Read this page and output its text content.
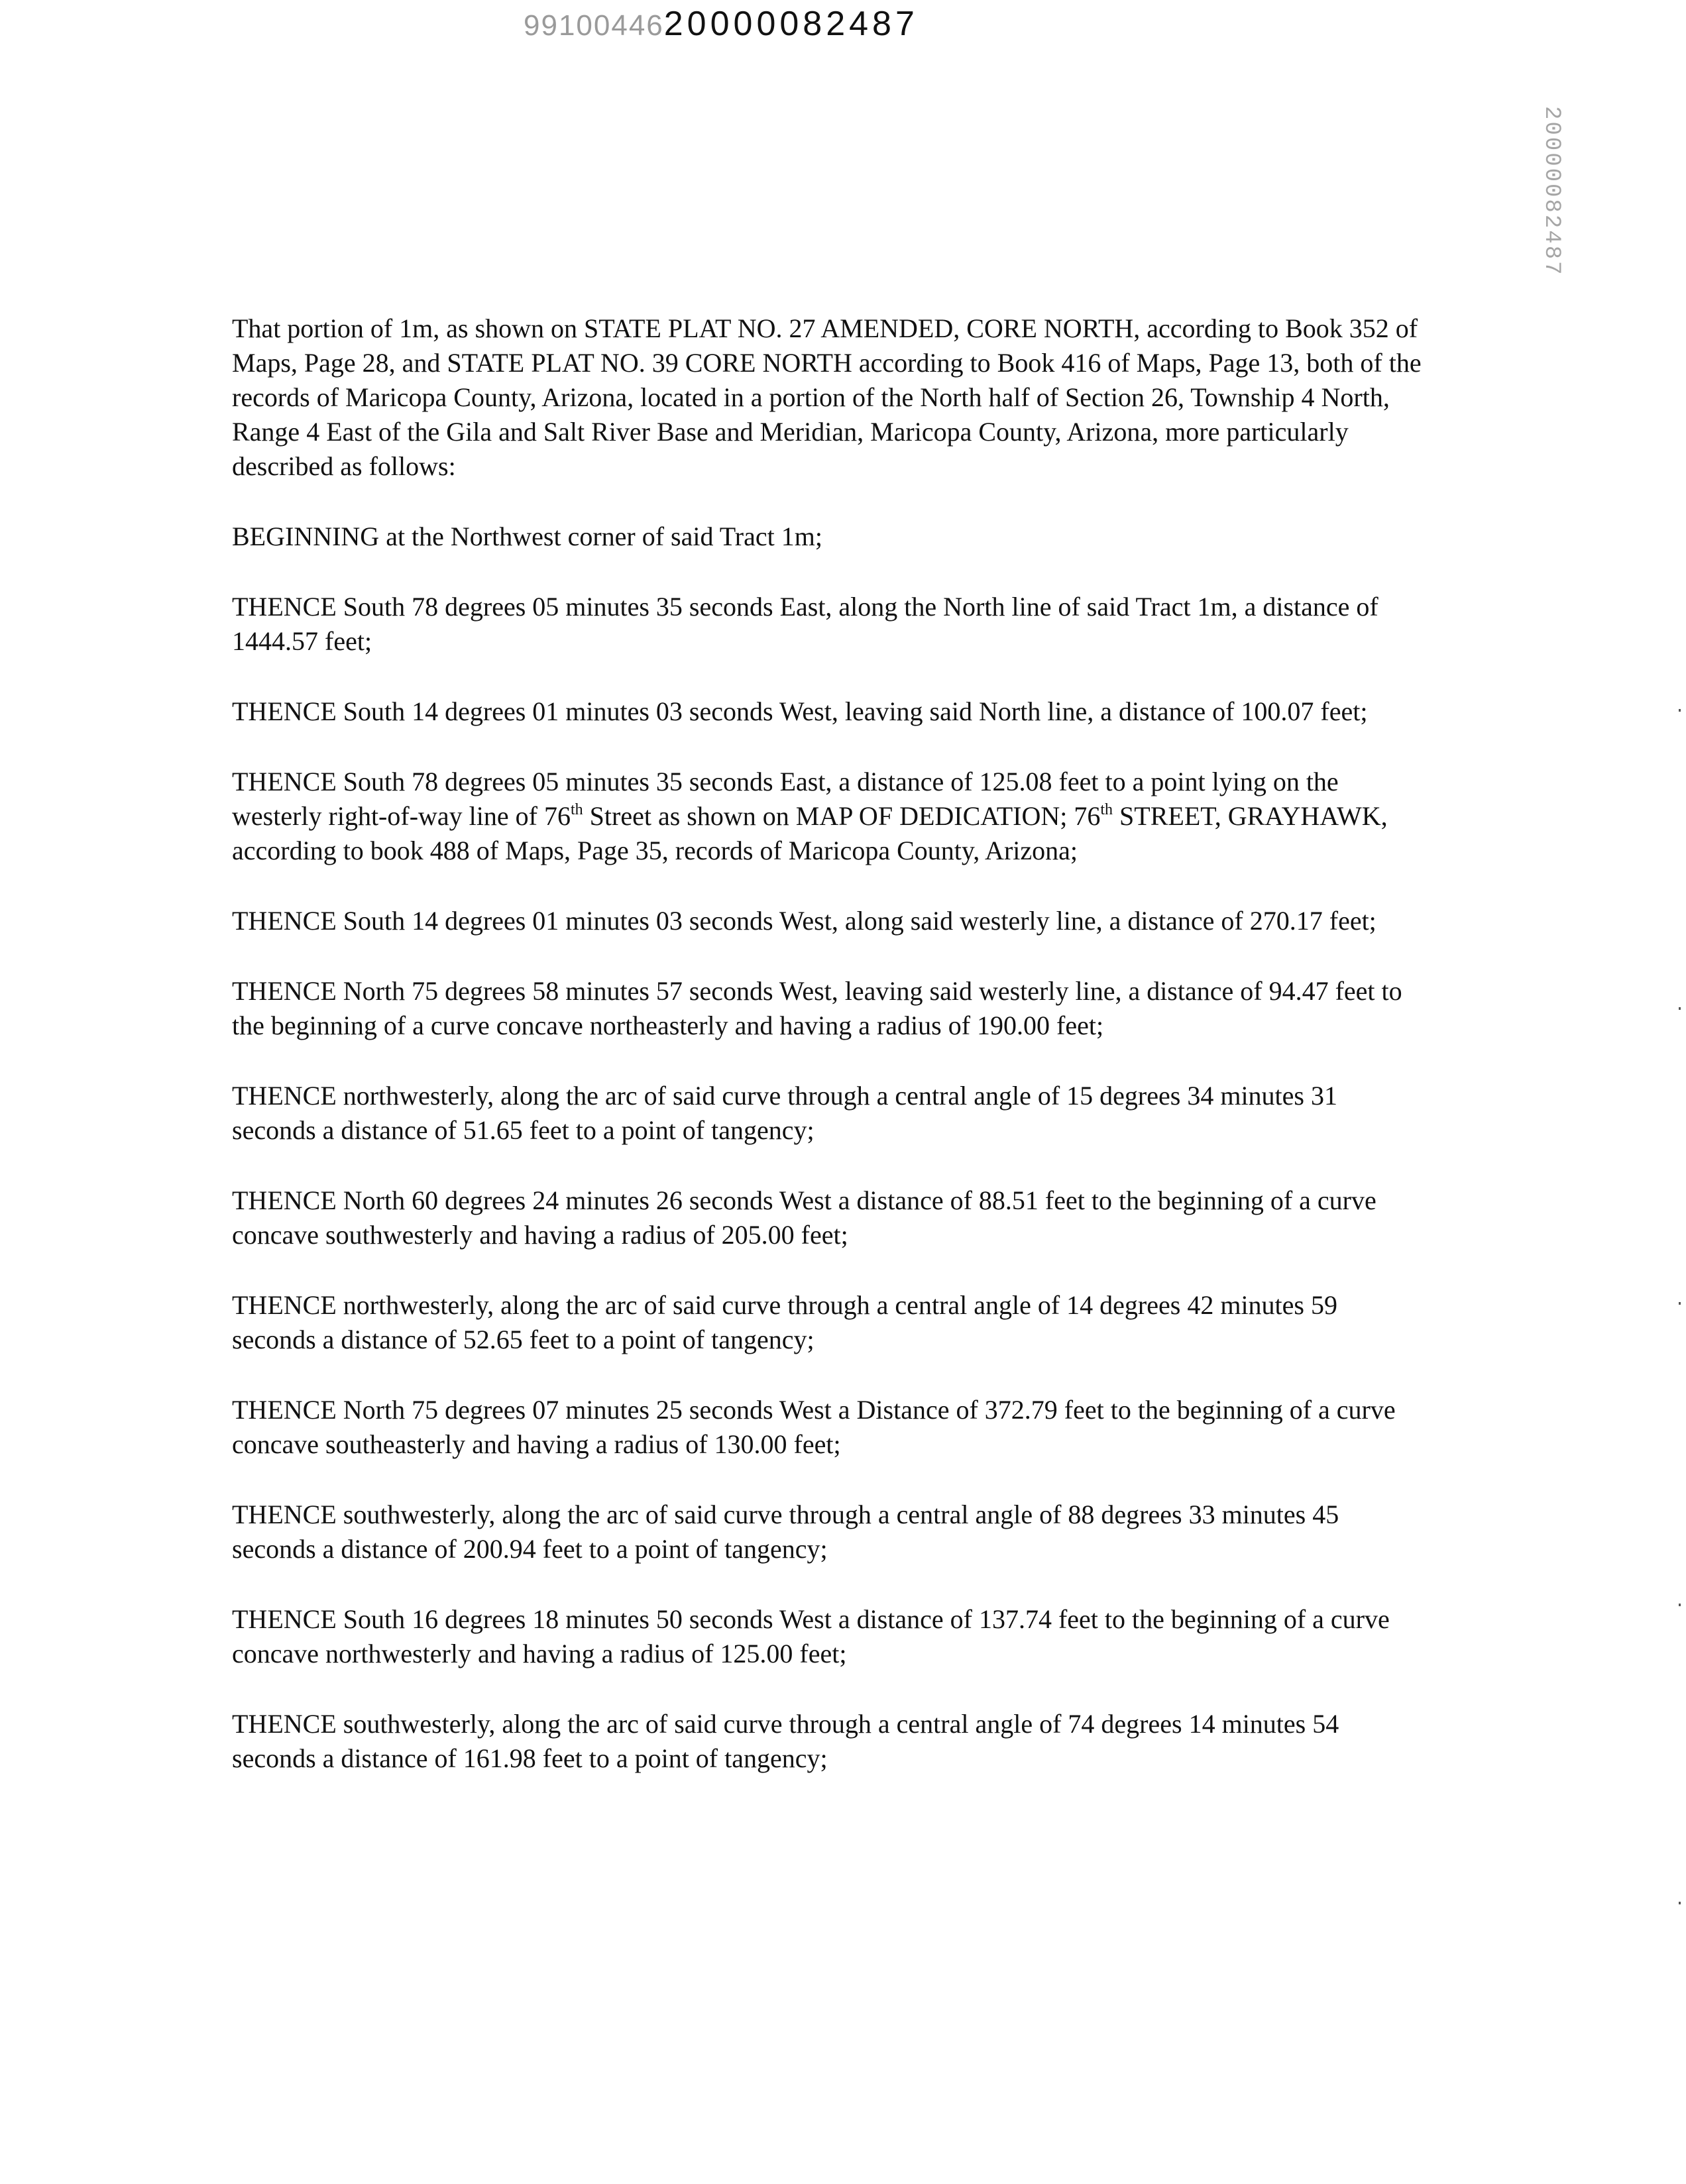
9910044620000082487
20000082487

That portion of 1m, as shown on STATE PLAT NO. 27 AMENDED, CORE NORTH, according to Book 352 of Maps, Page 28, and STATE PLAT NO. 39 CORE NORTH according to Book 416 of Maps, Page 13, both of the records of Maricopa County, Arizona, located in a portion of the North half of Section 26, Township 4 North, Range 4 East of the Gila and Salt River Base and Meridian, Maricopa County, Arizona, more particularly described as follows:

BEGINNING at the Northwest corner of said Tract 1m;

THENCE South 78 degrees 05 minutes 35 seconds East, along the North line of said Tract 1m, a distance of 1444.57 feet;

THENCE South 14 degrees 01 minutes 03 seconds West, leaving said North line, a distance of 100.07 feet;

THENCE South 78 degrees 05 minutes 35 seconds East, a distance of 125.08 feet to a point lying on the westerly right-of-way line of 76th Street as shown on MAP OF DEDICATION; 76th STREET, GRAYHAWK, according to book 488 of Maps, Page 35, records of Maricopa County, Arizona;

THENCE South 14 degrees 01 minutes 03 seconds West, along said westerly line, a distance of 270.17 feet;

THENCE North 75 degrees 58 minutes 57 seconds West, leaving said westerly line, a distance of 94.47 feet to the beginning of a curve concave northeasterly and having a radius of 190.00 feet;

THENCE northwesterly, along the arc of said curve through a central angle of 15 degrees 34 minutes 31 seconds a distance of 51.65 feet to a point of tangency;

THENCE North 60 degrees 24 minutes 26 seconds West a distance of 88.51 feet to the beginning of a curve concave southwesterly and having a radius of 205.00 feet;

THENCE northwesterly, along the arc of said curve through a central angle of 14 degrees 42 minutes 59 seconds a distance of 52.65 feet to a point of tangency;

THENCE North 75 degrees 07 minutes 25 seconds West a Distance of 372.79 feet to the beginning of a curve concave southeasterly and having a radius of 130.00 feet;

THENCE southwesterly, along the arc of said curve through a central angle of 88 degrees 33 minutes 45 seconds a distance of 200.94 feet to a point of tangency;

THENCE South 16 degrees 18 minutes 50 seconds West a distance of 137.74 feet to the beginning of a curve concave northwesterly and having a radius of 125.00 feet;

THENCE southwesterly, along the arc of said curve through a central angle of 74 degrees 14 minutes 54 seconds a distance of 161.98 feet to a point of tangency;
